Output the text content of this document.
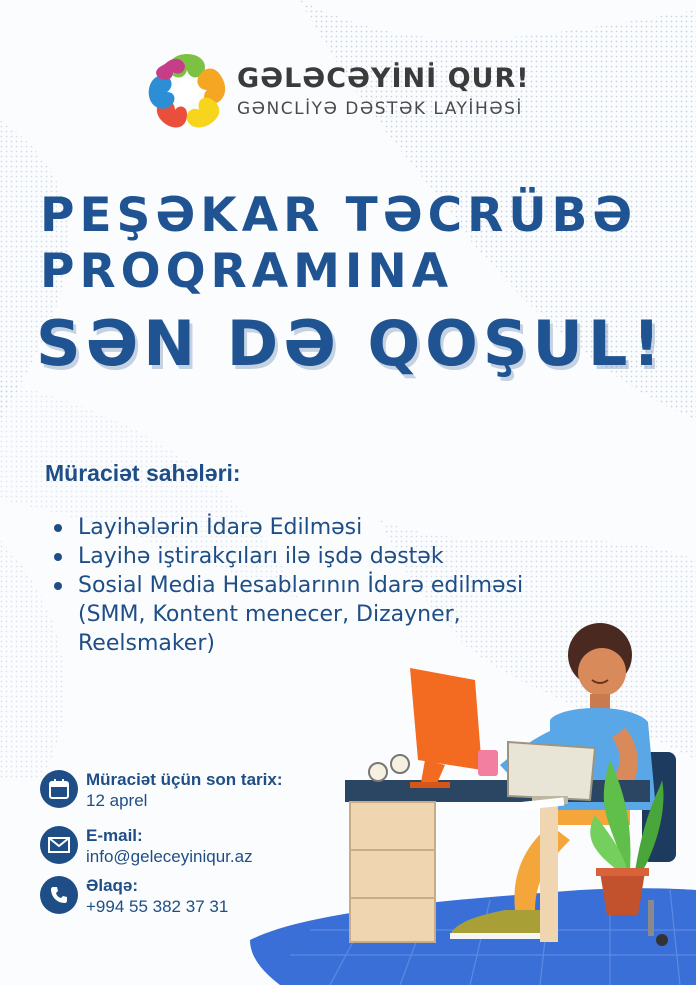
GƏLƏCƏYİNİ QUR!
GƏNCLİYƏ DƏSTƏK LAYİHƏSİ
PEŞƏKAR TƏCRÜBƏ
PROQRAMINA
SƏN DƏ QOŞUL!
Müraciət sahələri:
Layihələrin İdarə Edilməsi
Layihə iştirakçıları ilə işdə dəstək
Sosial Media Hesablarının İdarə edilməsi (SMM, Kontent menecer, Dizayner, Reelsmaker)
Müraciət üçün son tarix:
12 aprel
E-mail:
info@geleceyiniqur.az
Əlaqə:
+994 55 382 37 31
